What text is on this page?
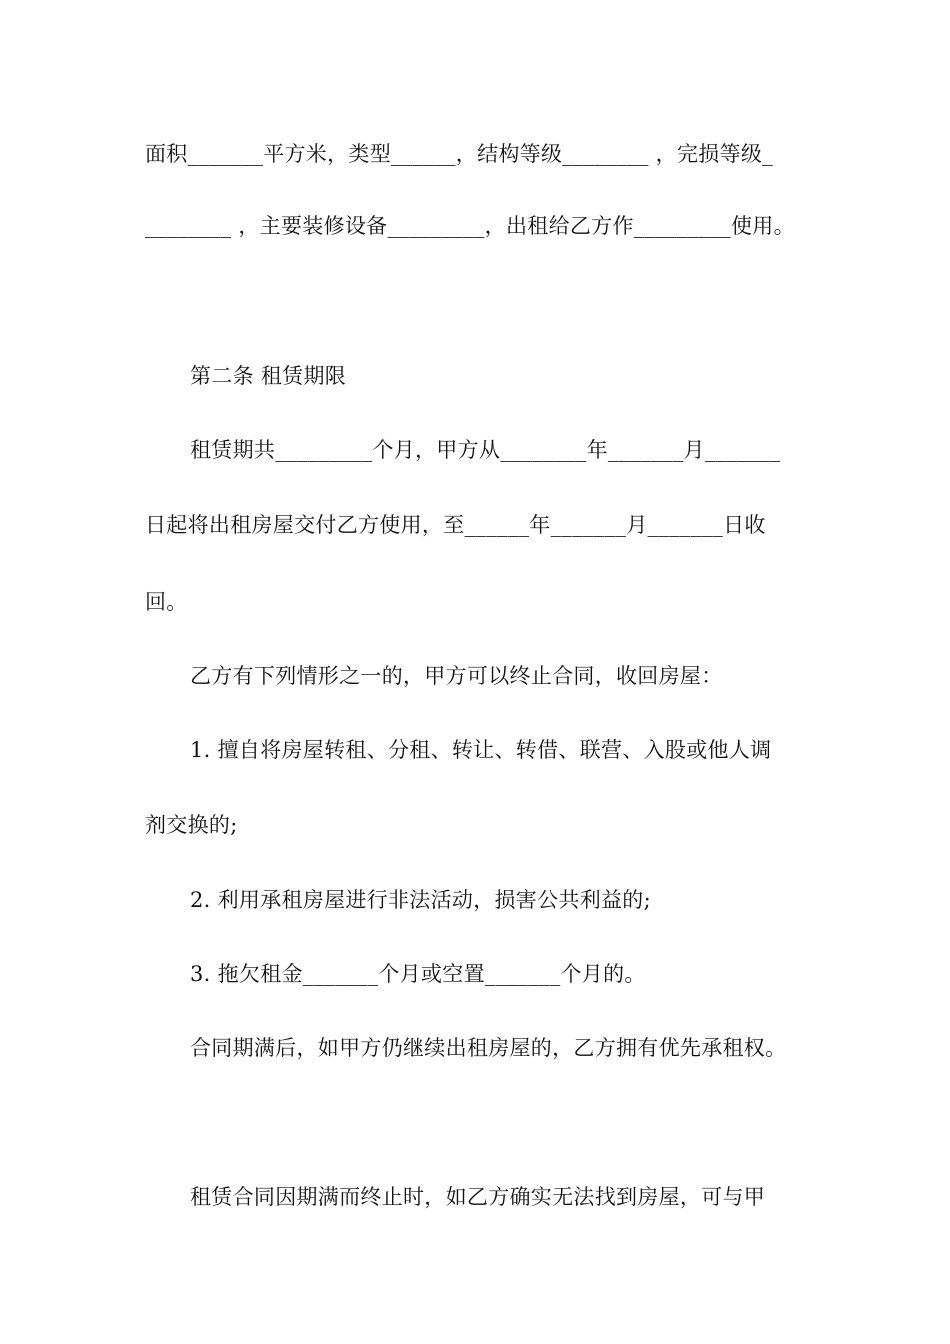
面积_______平方米，类型______，结构等级________ ，完损等级_
________ ，主要装修设备_________，出租给乙方作_________使用。
第二条 租赁期限
租赁期共_________个月，甲方从________年_______月_______
日起将出租房屋交付乙方使用，至______年_______月_______日收
回。
乙方有下列情形之一的，甲方可以终止合同，收回房屋：
1. 擅自将房屋转租、分租、转让、转借、联营、入股或他人调
剂交换的;
2. 利用承租房屋进行非法活动，损害公共利益的;
3. 拖欠租金_______个月或空置_______个月的。
合同期满后，如甲方仍继续出租房屋的，乙方拥有优先承租权。
租赁合同因期满而终止时，如乙方确实无法找到房屋，可与甲
